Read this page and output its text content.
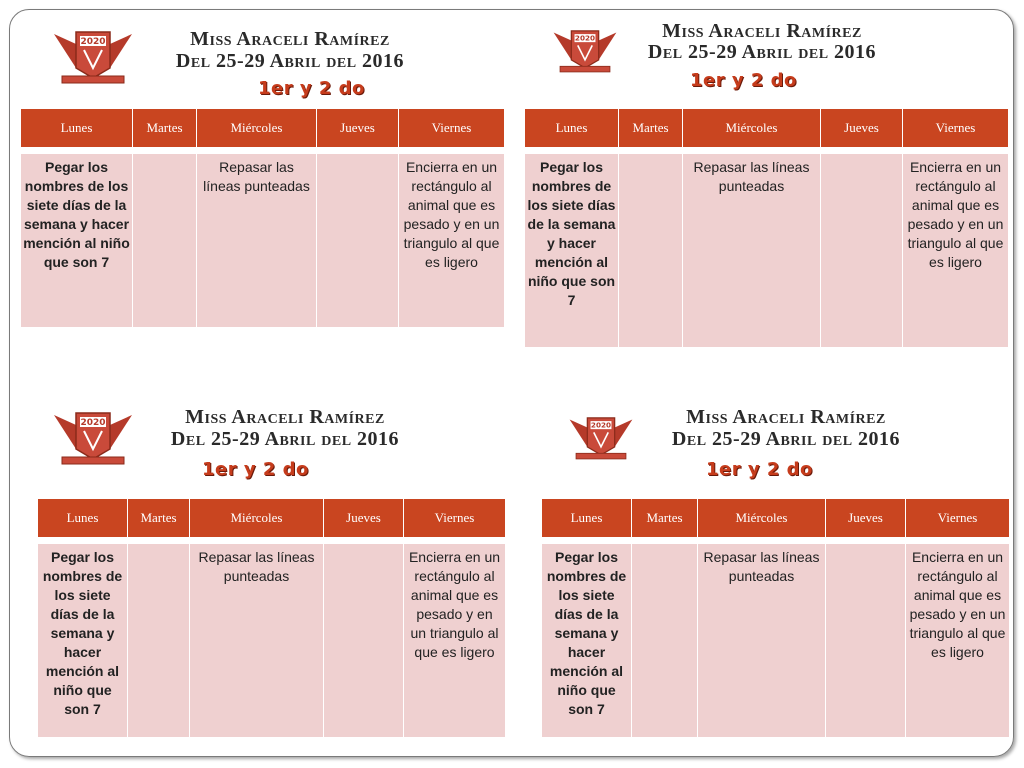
2020	Miss Araceli Ramírez
Del 25-29 Abril del 2016
1er y 2 do
Lunes	Martes	Miércoles	Jueves	Viernes

Pegar los nombres de los siete días de la semana y hacer mención al niño que son 7		Repasar las líneas punteadas		Encierra en un rectángulo al animal que es pesado y en un triangulo al que es ligero
2020	Miss Araceli Ramírez
Del 25-29 Abril del 2016
1er y 2 do
Lunes	Martes	Miércoles	Jueves	Viernes

Pegar los nombres de los siete días de la semana y hacer mención al niño que son 7		Repasar las líneas punteadas		Encierra en un rectángulo al animal que es pesado y en un triangulo al que es ligero
2020	Miss Araceli Ramírez
Del 25-29 Abril del 2016
1er y 2 do
Lunes	Martes	Miércoles	Jueves	Viernes

Pegar los nombres de los siete días de la semana y hacer mención al niño que son 7		Repasar las líneas punteadas		Encierra en un rectángulo al animal que es pesado y en un triangulo al que es ligero
2020	Miss Araceli Ramírez
Del 25-29 Abril del 2016
1er y 2 do
Lunes	Martes	Miércoles	Jueves	Viernes

Pegar los nombres de los siete días de la semana y hacer mención al niño que son 7		Repasar las líneas punteadas		Encierra en un rectángulo al animal que es pesado y en un triangulo al que es ligero
